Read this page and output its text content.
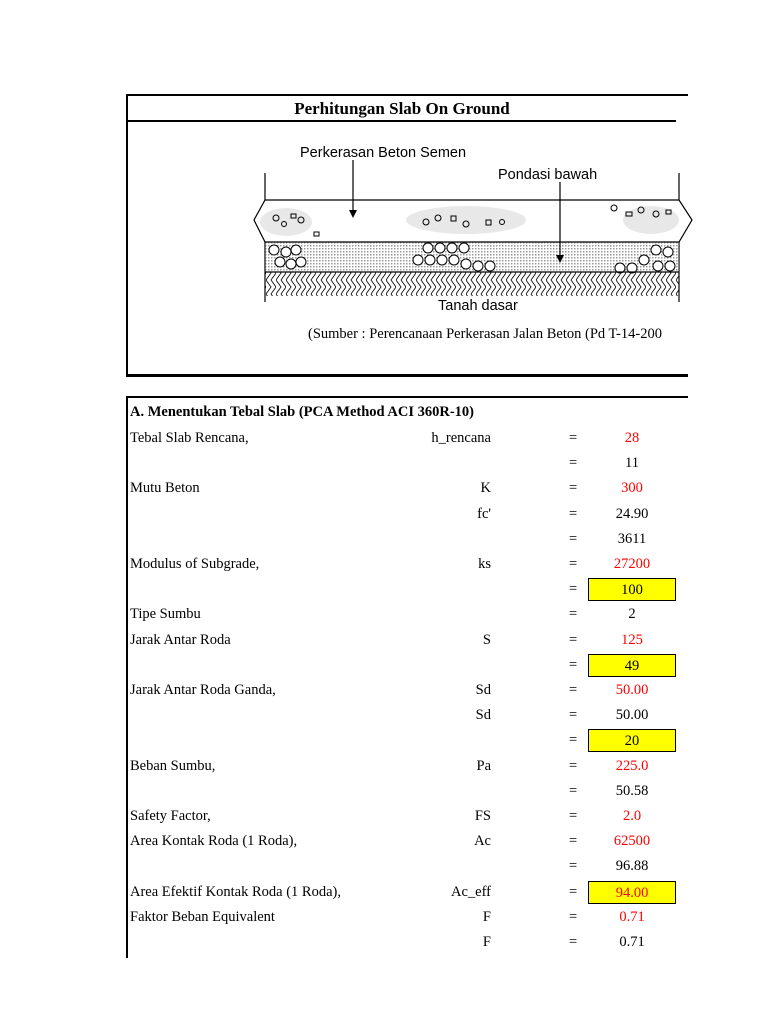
Perhitungan Slab On Ground
Perkerasan Beton Semen
Pondasi bawah
Tanah dasar
(Sumber : Perencanaan Perkerasan Jalan Beton (Pd T-14-200
A. Menentukan Tebal Slab (PCA Method ACI 360R-10)
Tebal Slab Rencana,	h_rencana	=	28
=	11
Mutu Beton	K	=	300
fc'	=	24.90
=	3611
Modulus of Subgrade,	ks	=	27200
=	100
Tipe Sumbu	=	2
Jarak Antar Roda	S	=	125
=	49
Jarak Antar Roda Ganda,	Sd	=	50.00
Sd	=	50.00
=	20
Beban Sumbu,	Pa	=	225.0
=	50.58
Safety Factor,	FS	=	2.0
Area Kontak Roda (1 Roda),	Ac	=	62500
=	96.88
Area Efektif Kontak Roda (1 Roda),	Ac_eff	=	94.00
Faktor Beban Equivalent	F	=	0.71
F	=	0.71
